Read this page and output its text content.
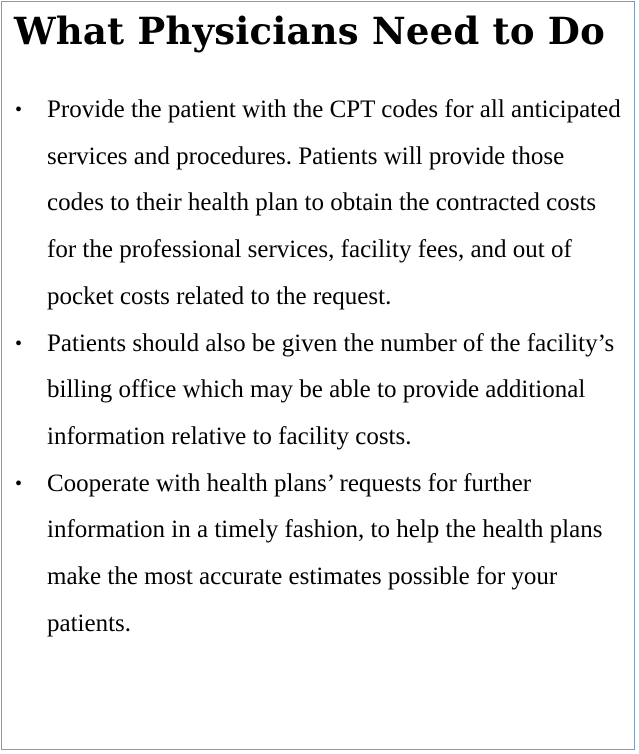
What Physicians Need to Do
• Provide the patient with the CPT codes for all anticipated services and procedures. Patients will provide those codes to their health plan to obtain the contracted costs for the professional services, facility fees, and out of pocket costs related to the request.
• Patients should also be given the number of the facility’s billing office which may be able to provide additional information relative to facility costs.
• Cooperate with health plans’ requests for further information in a timely fashion, to help the health plans make the most accurate estimates possible for your patients.
